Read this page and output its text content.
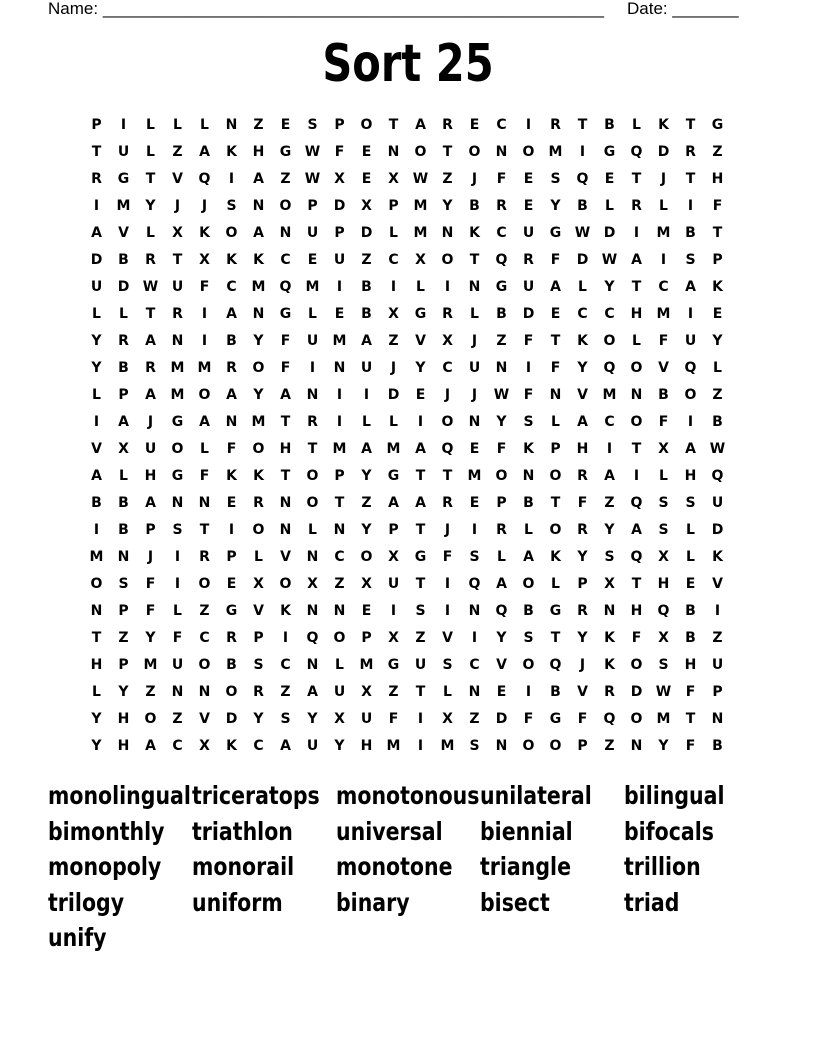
Name: _____________________________________________________ Date: _______
Sort 25
P	I	L	L	L	N	Z	E	S	P	O	T	A	R	E	C	I	R	T	B	L	K	T	G
T	U	L	Z	A	K	H	G W	F	E	N	O	T	O	N	O	M	I	G	Q	D	R	Z
R	G	T	V	Q	I	A	Z	W X	E	X W	Z	J	F	E	S	Q	E	T	J	T	H
I	M	Y	J	J	S	N	O	P	D	X	P	M	Y	B	R	E	Y	B	L	R	L	I	F
A	V	L	X	K	O	A	N	U	P	D	L	M	N	K	C	U	G W D	I	M	B	T
D	B	R	T	X	K	K	C	E	U	Z	C	X	O	T	Q	R	F	D W A	I	S	P
U	D W U	F	C	M	Q	M	I	B	I	L	I	N	G	U	A	L	Y	T	C	A	K
L	L	T	R	I	A	N	G	L	E	B	X	G	R	L	B	D	E	C	C	H	M	I	E
Y	R	A	N	I	B	Y	F	U	M	A	Z	V	X	J	Z	F	T	K	O	L	F	U	Y
Y	B	R	M M	R	O	F	I	N	U	J	Y	C	U	N	I	F	Y	Q	O	V	Q	L
L	P	A	M	O	A	Y	A	N	I	I	D	E	J	J	W	F	N	V	M	N	B	O	Z
I	A	J	G	A	N	M	T	R	I	L	L	I	O	N	Y	S	L	A	C	O	F	I	B
V	X	U	O	L	F	O	H	T	M	A	M	A	Q	E	F	K	P	H	I	T	X	A W
A	L	H	G	F	K	K	T	O	P	Y	G	T	T	M	O	N	O	R	A	I	L	H	Q
B	B	A	N	N	E	R	N	O	T	Z	A	A	R	E	P	B	T	F	Z	Q	S	S	U
I	B	P	S	T	I	O	N	L	N	Y	P	T	J	I	R	L	O	R	Y	A	S	L	D
M	N	J	I	R	P	L	V	N	C	O	X	G	F	S	L	A	K	Y	S	Q	X	L	K
O	S	F	I	O	E	X	O	X	Z	X	U	T	I	Q	A	O	L	P	X	T	H	E	V
N	P	F	L	Z	G	V	K	N	N	E	I	S	I	N	Q	B	G	R	N	H	Q	B	I
T	Z	Y	F	C	R	P	I	Q	O	P	X	Z	V	I	Y	S	T	Y	K	F	X	B	Z
H	P	M	U	O	B	S	C	N	L	M	G	U	S	C	V	O	Q	J	K	O	S	H	U
L	Y	Z	N	N	O	R	Z	A	U	X	Z	T	L	N	E	I	B	V	R	D W	F	P
Y	H	O	Z	V	D	Y	S	Y	X	U	F	I	X	Z	D	F	G	F	Q	O	M	T	N
Y	H	A	C	X	K	C	A	U	Y	H	M	I	M	S	N	O	O	P	Z	N	Y	F	B
monolingual triceratops monotonous unilateral bilingual
bimonthly triathlon	universal	biennial	bifocals
monopoly monorail	monotone triangle	trillion
trilogy	uniform	binary	bisect	triad
unify
